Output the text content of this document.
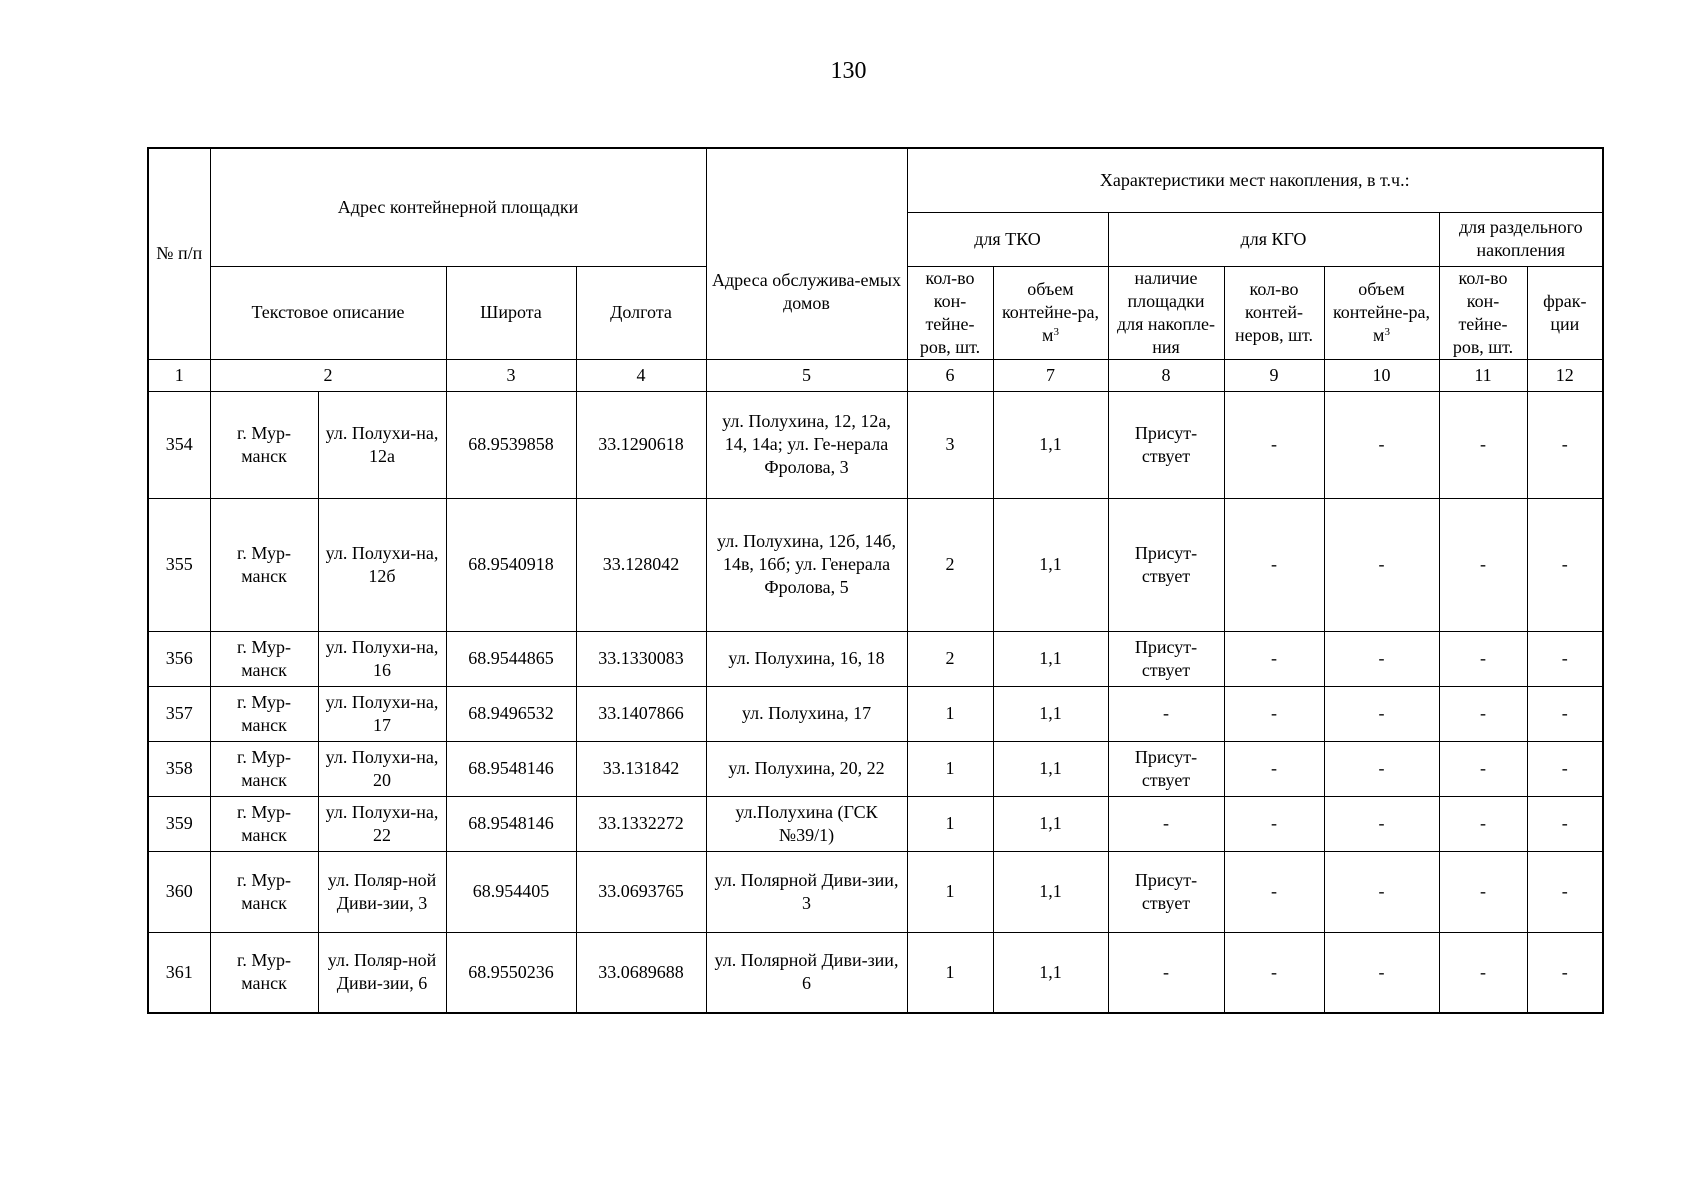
130
№ п/п	Адрес контейнерной площадки				Адреса обслужива-емых домов	Характеристики мест накопления, в т.ч.:						
						для ТКО		для КГО			для раздельного накопления	
	Текстовое описание		Широта	Долгота		кол-во кон-тейне-ров, шт.	объем контейне-ра, $м^3$	наличие площадки для накопле-ния	кол-во контей-неров, шт.	объем контейне-ра, $м^3$	кол-во кон-тейне-ров, шт.	фрак-ции
1	2		3	4	5	6	7	8	9	10	11	12
354	г. Мур-манск	ул. Полухи-на, 12а	68.9539858	33.1290618	ул. Полухина, 12, 12а, 14, 14а; ул. Ге-нерала Фролова, 3	3	1,1	Присут-ствует	-	-	-	-
355	г. Мур-манск	ул. Полухи-на, 12б	68.9540918	33.128042	ул. Полухина, 12б, 14б, 14в, 16б; ул. Генерала Фролова, 5	2	1,1	Присут-ствует	-	-	-	-
356	г. Мур-манск	ул. Полухи-на, 16	68.9544865	33.1330083	ул. Полухина, 16, 18	2	1,1	Присут-ствует	-	-	-	-
357	г. Мур-манск	ул. Полухи-на, 17	68.9496532	33.1407866	ул. Полухина, 17	1	1,1	-	-	-	-	-
358	г. Мур-манск	ул. Полухи-на, 20	68.9548146	33.131842	ул. Полухина, 20, 22	1	1,1	Присут-ствует	-	-	-	-
359	г. Мур-манск	ул. Полухи-на, 22	68.9548146	33.1332272	ул.Полухина (ГСК №39/1)	1	1,1	-	-	-	-	-
360	г. Мур-манск	ул. Поляр-ной Диви-зии, 3	68.954405	33.0693765	ул. Полярной Диви-зии, 3	1	1,1	Присут-ствует	-	-	-	-
361	г. Мур-манск	ул. Поляр-ной Диви-зии, 6	68.9550236	33.0689688	ул. Полярной Диви-зии, 6	1	1,1	-	-	-	-	-
